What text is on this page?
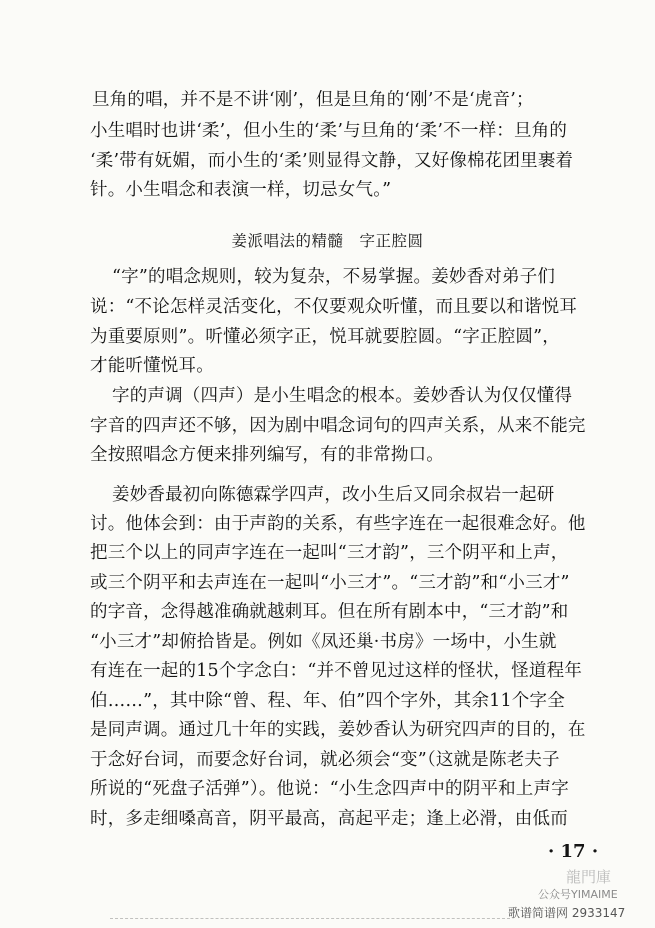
旦角的唱，并不是不讲‘刚’，但是旦角的‘刚’不是‘虎音’；
小生唱时也讲‘柔’，但小生的‘柔’与旦角的‘柔’不一样：旦角的
‘柔’带有妩媚，而小生的‘柔’则显得文静，又好像棉花团里裹着
针。小生唱念和表演一样，切忌女气。”
姜派唱法的精髓　字正腔圆
“字”的唱念规则，较为复杂，不易掌握。姜妙香对弟子们
说：“不论怎样灵活变化，不仅要观众听懂，而且要以和谐悦耳
为重要原则”。听懂必须字正，悦耳就要腔圆。“字正腔圆”，
才能听懂悦耳。
字的声调（四声）是小生唱念的根本。姜妙香认为仅仅懂得
字音的四声还不够，因为剧中唱念词句的四声关系，从来不能完
全按照唱念方便来排列编写，有的非常拗口。
姜妙香最初向陈德霖学四声，改小生后又同余叔岩一起研
讨。他体会到：由于声韵的关系，有些字连在一起很难念好。他
把三个以上的同声字连在一起叫“三才韵”，三个阴平和上声，
或三个阴平和去声连在一起叫“小三才”。“三才韵”和“小三才”
的字音，念得越准确就越刺耳。但在所有剧本中，“三才韵”和
“小三才”却俯拾皆是。例如《凤还巢·书房》一场中，小生就
有连在一起的15个字念白：“并不曾见过这样的怪状，怪道程年
伯……”，其中除“曾、程、年、伯”四个字外，其余11个字全
是同声调。通过几十年的实践，姜妙香认为研究四声的目的，在
于念好台词，而要念好台词，就必须会“变”（这就是陈老夫子
所说的“死盘子活弹”）。他说：“小生念四声中的阴平和上声字
时，多走细嗓高音，阴平最高，高起平走；逢上必滑，由低而
· 17 ·
龍門庫
公众号YIMAIME
歌谱简谱网 2933147
